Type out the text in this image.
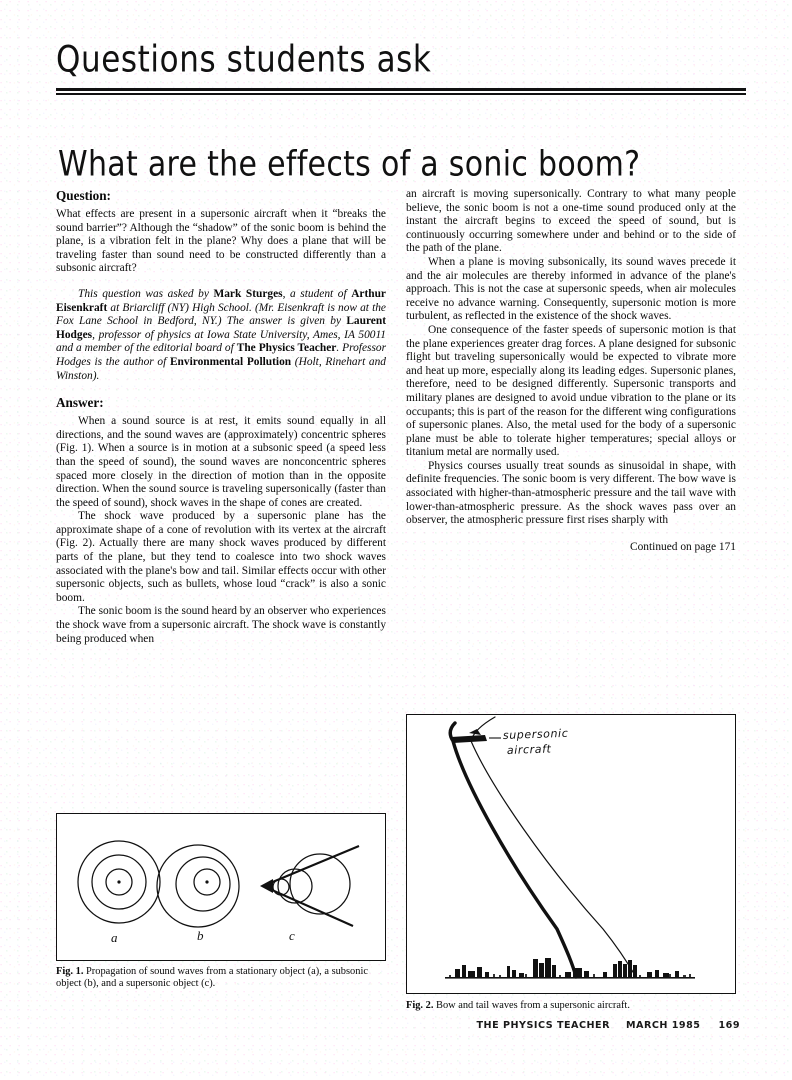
Questions students ask
What are the effects of a sonic boom?
Question:

What effects are present in a supersonic aircraft when it “breaks the sound barrier”? Although the “shadow” of the sonic boom is behind the plane, is a vibration felt in the plane? Why does a plane that will be traveling faster than sound need to be constructed differently than a subsonic aircraft?

This question was asked by Mark Sturges, a student of Arthur Eisenkraft at Briarcliff (NY) High School. (Mr. Eisenkraft is now at the Fox Lane School in Bedford, NY.) The answer is given by Laurent Hodges, professor of physics at Iowa State University, Ames, IA 50011 and a member of the editorial board of The Physics Teacher. Professor Hodges is the author of Environmental Pollution (Holt, Rinehart and Winston).

Answer:

When a sound source is at rest, it emits sound equally in all directions, and the sound waves are (approximately) concentric spheres (Fig. 1). When a source is in motion at a subsonic speed (a speed less than the speed of sound), the sound waves are nonconcentric spheres spaced more closely in the direction of motion than in the opposite direction. When the sound source is traveling supersonically (faster than the speed of sound), shock waves in the shape of cones are created.

The shock wave produced by a supersonic plane has the approximate shape of a cone of revolution with its vertex at the aircraft (Fig. 2). Actually there are many shock waves produced by different parts of the plane, but they tend to coalesce into two shock waves associated with the plane's bow and tail. Similar effects occur with other supersonic objects, such as bullets, whose loud “crack” is also a sonic boom.

The sonic boom is the sound heard by an observer who experiences the shock wave from a supersonic aircraft. The shock wave is constantly being produced when

an aircraft is moving supersonically. Contrary to what many people believe, the sonic boom is not a one-time sound produced only at the instant the aircraft begins to exceed the speed of sound, but is continuously occurring somewhere under and behind or to the side of the path of the plane.

When a plane is moving subsonically, its sound waves precede it and the air molecules are thereby informed in advance of the plane's approach. This is not the case at supersonic speeds, when air molecules receive no advance warning. Consequently, supersonic motion is more turbulent, as reflected in the existence of the shock waves.

One consequence of the faster speeds of supersonic motion is that the plane experiences greater drag forces. A plane designed for subsonic flight but traveling supersonically would be expected to vibrate more and heat up more, especially along its leading edges. Supersonic planes, therefore, need to be designed differently. Supersonic transports and military planes are designed to avoid undue vibration to the plane or its occupants; this is part of the reason for the different wing configurations of supersonic planes. Also, the metal used for the body of a supersonic plane must be able to tolerate higher temperatures; special alloys or titanium metal are normally used.

Physics courses usually treat sounds as sinusoidal in shape, with definite frequencies. The sonic boom is very different. The bow wave is associated with higher-than-atmospheric pressure and the tail wave with lower-than-atmospheric pressure. As the shock waves pass over an observer, the atmospheric pressure first rises sharply with

Continued on page 171

a	b	c
Fig. 1. Propagation of sound waves from a stationary object (a), a subsonic object (b), and a supersonic object (c).
supersonic
aircraft
Fig. 2. Bow and tail waves from a supersonic aircraft.
THE PHYSICS TEACHER MARCH 1985 169
